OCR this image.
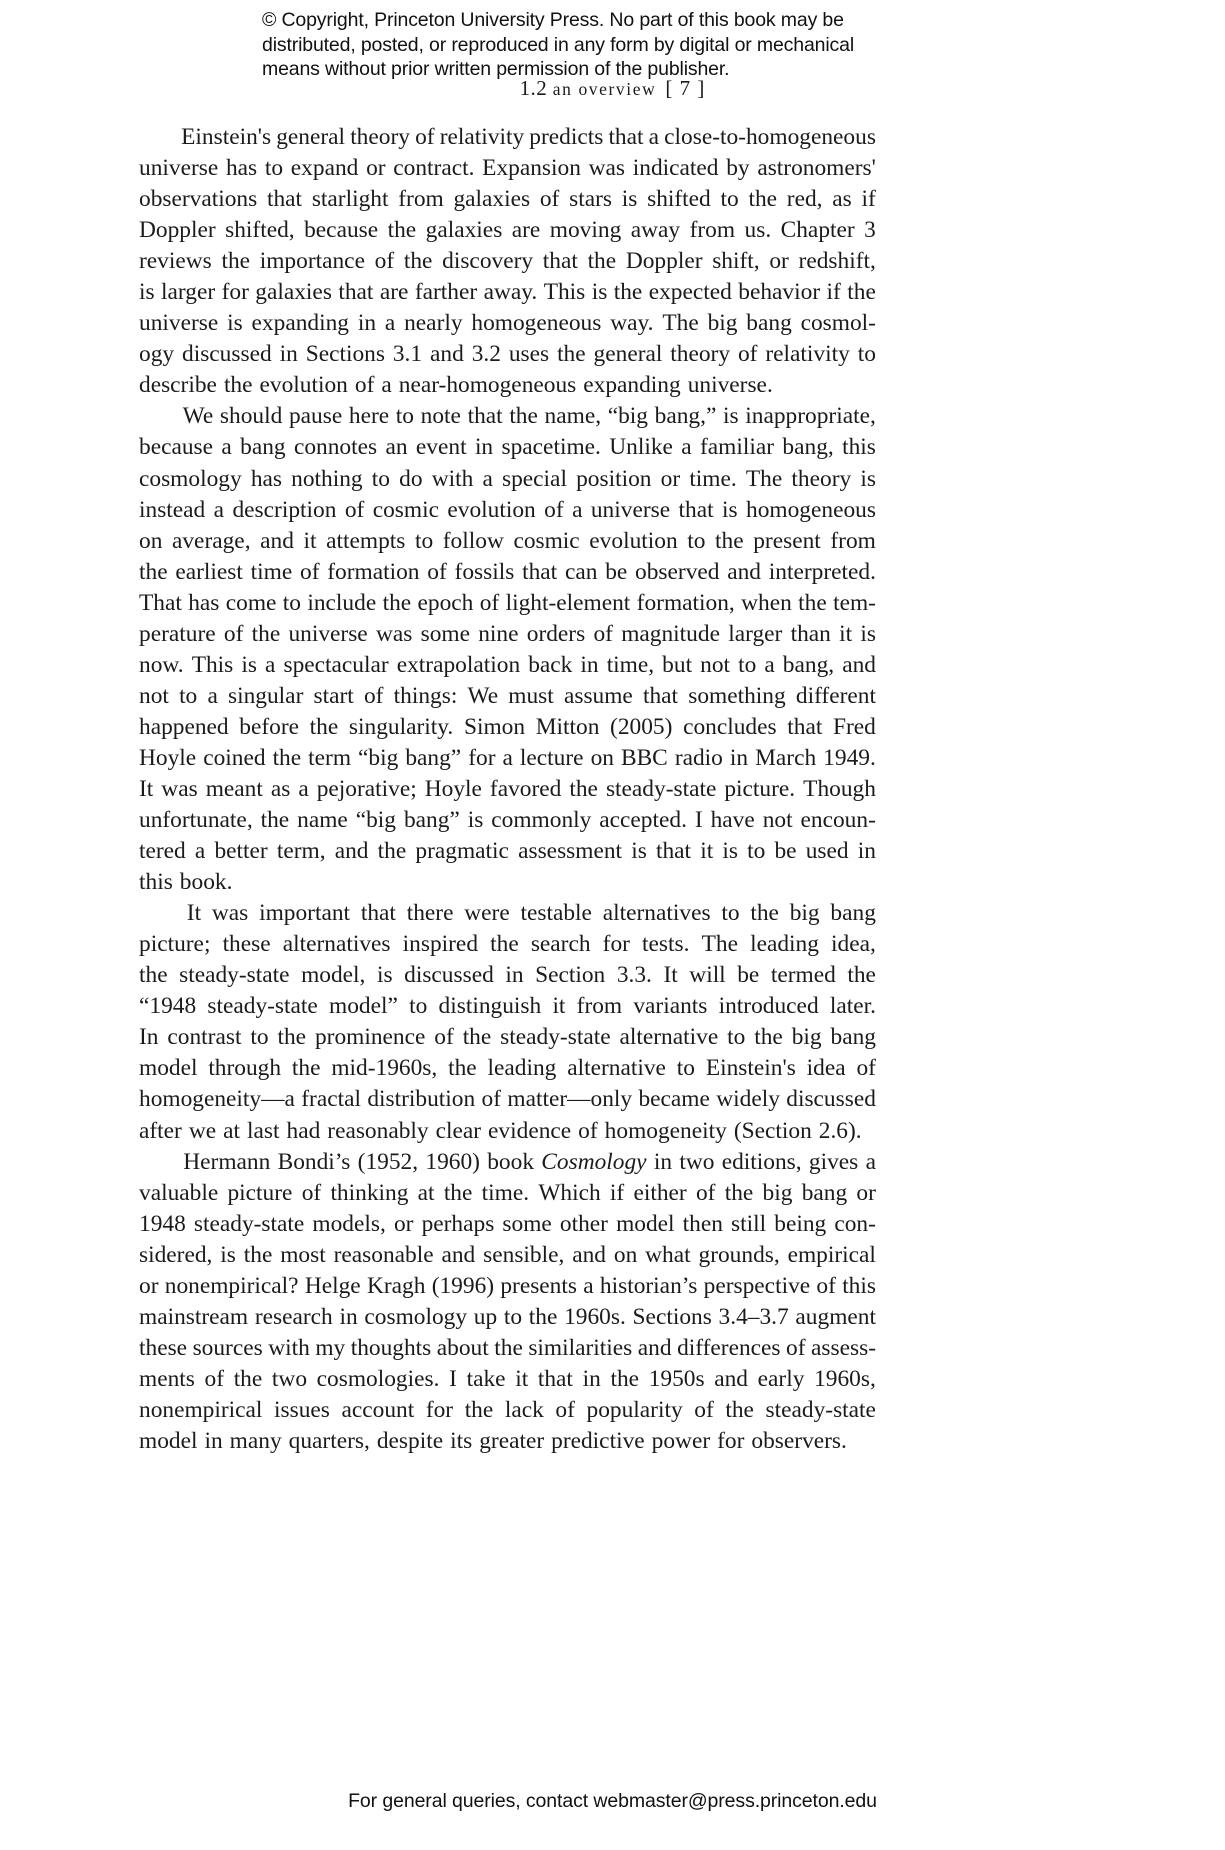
© Copyright, Princeton University Press. No part of this book may be
distributed, posted, or reproduced in any form by digital or mechanical
means without prior written permission of the publisher.
1.2 an overview [ 7 ]

Einstein's general theory of relativity predicts that a close-to-homogeneous
universe has to expand or contract. Expansion was indicated by astronomers'
observations that starlight from galaxies of stars is shifted to the red, as if
Doppler shifted, because the galaxies are moving away from us. Chapter 3
reviews the importance of the discovery that the Doppler shift, or redshift,
is larger for galaxies that are farther away. This is the expected behavior if the
universe is expanding in a nearly homogeneous way. The big bang cosmol-
ogy discussed in Sections 3.1 and 3.2 uses the general theory of relativity to
describe the evolution of a near-homogeneous expanding universe.

We should pause here to note that the name, “big bang,” is inappropriate,
because a bang connotes an event in spacetime. Unlike a familiar bang, this
cosmology has nothing to do with a special position or time. The theory is
instead a description of cosmic evolution of a universe that is homogeneous
on average, and it attempts to follow cosmic evolution to the present from
the earliest time of formation of fossils that can be observed and interpreted.
That has come to include the epoch of light-element formation, when the tem-
perature of the universe was some nine orders of magnitude larger than it is
now. This is a spectacular extrapolation back in time, but not to a bang, and
not to a singular start of things: We must assume that something different
happened before the singularity. Simon Mitton (2005) concludes that Fred
Hoyle coined the term “big bang” for a lecture on BBC radio in March 1949.
It was meant as a pejorative; Hoyle favored the steady-state picture. Though
unfortunate, the name “big bang” is commonly accepted. I have not encoun-
tered a better term, and the pragmatic assessment is that it is to be used in
this book.

It was important that there were testable alternatives to the big bang
picture; these alternatives inspired the search for tests. The leading idea,
the steady-state model, is discussed in Section 3.3. It will be termed the
“1948 steady-state model” to distinguish it from variants introduced later.
In contrast to the prominence of the steady-state alternative to the big bang
model through the mid-1960s, the leading alternative to Einstein's idea of
homogeneity—a fractal distribution of matter—only became widely discussed
after we at last had reasonably clear evidence of homogeneity (Section 2.6).

Hermann Bondi’s (1952, 1960) book Cosmology in two editions, gives a
valuable picture of thinking at the time. Which if either of the big bang or
1948 steady-state models, or perhaps some other model then still being con-
sidered, is the most reasonable and sensible, and on what grounds, empirical
or nonempirical? Helge Kragh (1996) presents a historian’s perspective of this
mainstream research in cosmology up to the 1960s. Sections 3.4–3.7 augment
these sources with my thoughts about the similarities and differences of assess-
ments of the two cosmologies. I take it that in the 1950s and early 1960s,
nonempirical issues account for the lack of popularity of the steady-state
model in many quarters, despite its greater predictive power for observers.

For general queries, contact webmaster@press.princeton.edu
